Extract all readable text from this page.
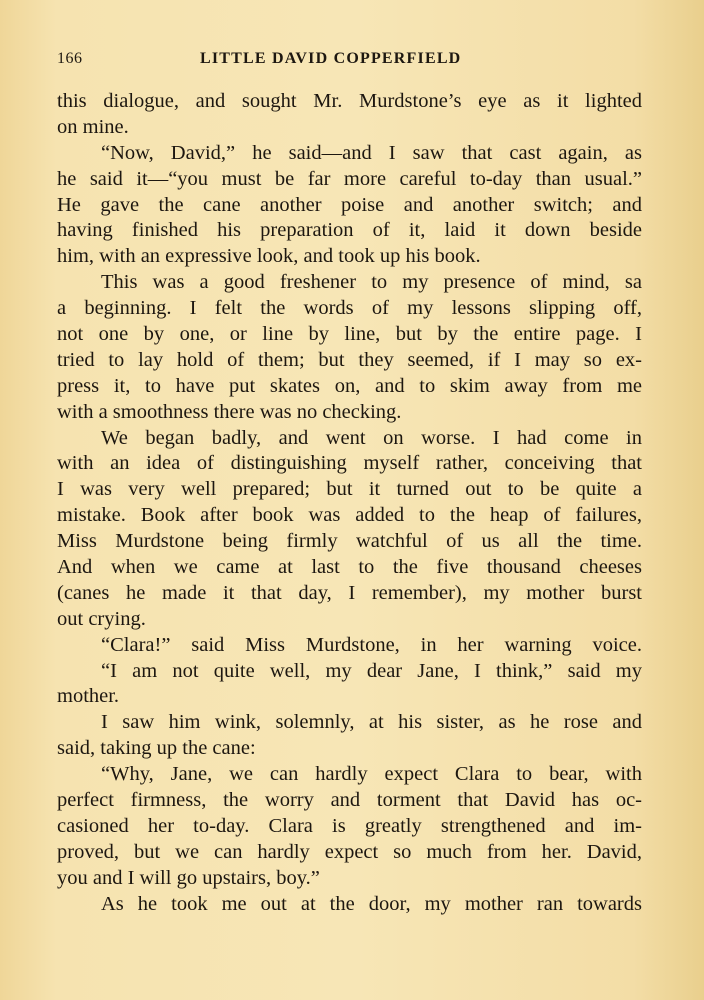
166	LITTLE DAVID COPPERFIELD
this dialogue, and sought Mr. Murdstone’s eye as it lighted
on mine.
“Now, David,” he said—and I saw that cast again, as
he said it—“you must be far more careful to-day than usual.”
He gave the cane another poise and another switch; and
having finished his preparation of it, laid it down beside
him, with an expressive look, and took up his book.
This was a good freshener to my presence of mind, sa
a beginning. I felt the words of my lessons slipping off,
not one by one, or line by line, but by the entire page. I
tried to lay hold of them; but they seemed, if I may so ex-
press it, to have put skates on, and to skim away from me
with a smoothness there was no checking.
We began badly, and went on worse. I had come in
with an idea of distinguishing myself rather, conceiving that
I was very well prepared; but it turned out to be quite a
mistake. Book after book was added to the heap of failures,
Miss Murdstone being firmly watchful of us all the time.
And when we came at last to the five thousand cheeses
(canes he made it that day, I remember), my mother burst
out crying.
“Clara!” said Miss Murdstone, in her warning voice.
“I am not quite well, my dear Jane, I think,” said my
mother.
I saw him wink, solemnly, at his sister, as he rose and
said, taking up the cane:
“Why, Jane, we can hardly expect Clara to bear, with
perfect firmness, the worry and torment that David has oc-
casioned her to-day. Clara is greatly strengthened and im-
proved, but we can hardly expect so much from her. David,
you and I will go upstairs, boy.”
As he took me out at the door, my mother ran towards
